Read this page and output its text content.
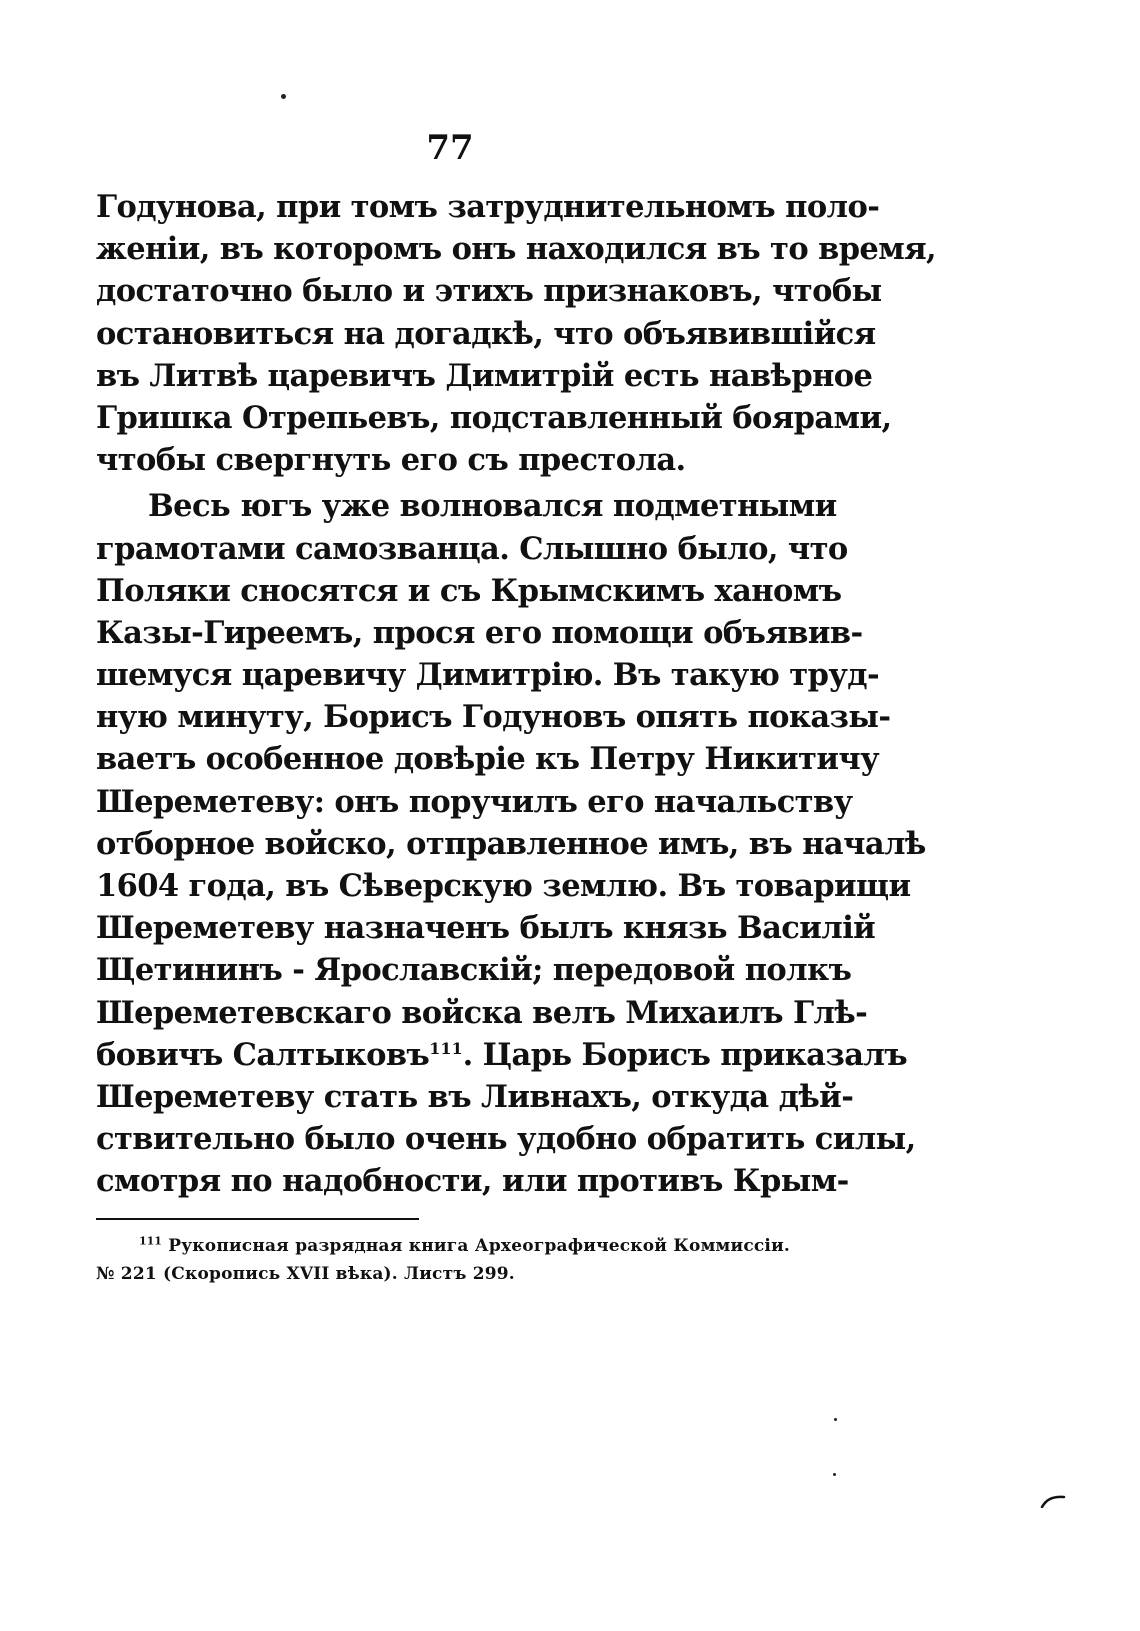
77
Годунова, при томъ затруднительномъ поло-
женіи, въ которомъ онъ находился въ то время,
достаточно было и этихъ признаковъ, чтобы
остановиться на догадкѣ, что объявившійся
въ Литвѣ царевичъ Димитрій есть навѣрное
Гришка Отрепьевъ, подставленный боярами,
чтобы свергнуть его съ престола.
Весь югъ уже волновался подметными
грамотами самозванца. Слышно было, что
Поляки сносятся и съ Крымскимъ ханомъ
Казы-Гиреемъ, прося его помощи объявив-
шемуся царевичу Димитрію. Въ такую труд-
ную минуту, Борисъ Годуновъ опять показы-
ваетъ особенное довѣріе къ Петру Никитичу
Шереметеву: онъ поручилъ его начальству
отборное войско, отправленное имъ, въ началѣ
1604 года, въ Сѣверскую землю. Въ товарищи
Шереметеву назначенъ былъ князь Василій
Щетининъ - Ярославскій; передовой полкъ
Шереметевскаго войска велъ Михаилъ Глѣ-
бовичъ Салтыковъ$^{111}$. Царь Борисъ приказалъ
Шереметеву стать въ Ливнахъ, откуда дѣй-
ствительно было очень удобно обратить силы,
смотря по надобности, или противъ Крым-
$^{111}$ Рукописная разрядная книга Археографической Коммиссіи.
№ 221 (Скоропись XVII вѣка). Листъ 299.
